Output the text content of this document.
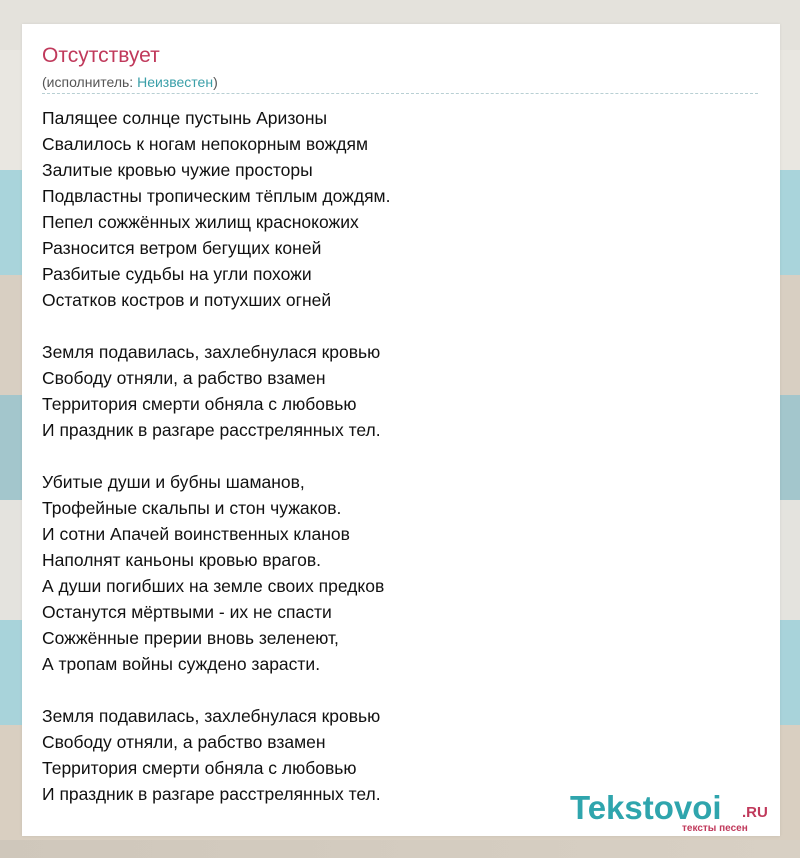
Отсутствует
(исполнитель: Неизвестен)
Палящее солнце пустынь Аризоны
Свалилось к ногам непокорным вождям
Залитые кровью чужие просторы
Подвластны тропическим тёплым дождям.
Пепел сожжённых жилищ краснокожих
Разносится ветром бегущих коней
Разбитые судьбы на угли похожи
Остатков костров и потухших огней
Земля подавилась, захлебнулася кровью
Свободу отняли, а рабство взамен
Территория смерти обняла с любовью
И праздник в разгаре расстрелянных тел.
Убитые души и бубны шаманов,
Трофейные скальпы и стон чужаков.
И сотни Апачей воинственных кланов
Наполнят каньоны кровью врагов.
А души погибших на земле своих предков
Останутся мёртвыми - их не спасти
Сожжённые прерии вновь зеленеют,
А тропам войны суждено зарасти.
Земля подавилась, захлебнулася кровью
Свободу отняли, а рабство взамен
Территория смерти обняла с любовью
И праздник в разгаре расстрелянных тел.	Tekstovoi .RU
тексты песен
